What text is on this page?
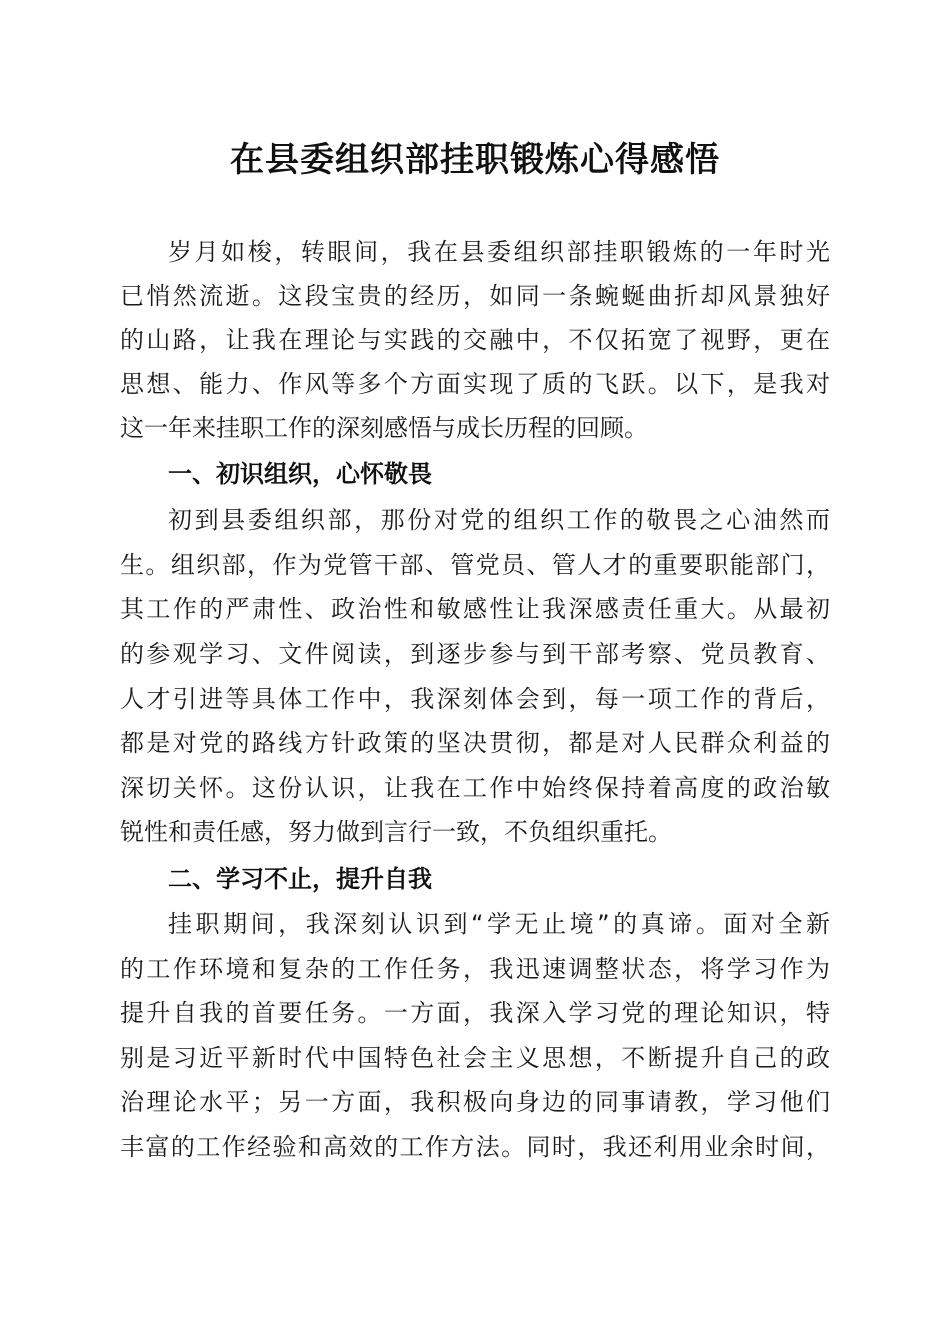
在县委组织部挂职锻炼心得感悟
岁月如梭，转眼间，我在县委组织部挂职锻炼的一年时光
已悄然流逝。这段宝贵的经历，如同一条蜿蜒曲折却风景独好
的山路，让我在理论与实践的交融中，不仅拓宽了视野，更在
思想、能力、作风等多个方面实现了质的飞跃。以下，是我对
这一年来挂职工作的深刻感悟与成长历程的回顾。
一、初识组织，心怀敬畏
初到县委组织部，那份对党的组织工作的敬畏之心油然而
生。组织部，作为党管干部、管党员、管人才的重要职能部门，
其工作的严肃性、政治性和敏感性让我深感责任重大。从最初
的参观学习、文件阅读，到逐步参与到干部考察、党员教育、
人才引进等具体工作中，我深刻体会到，每一项工作的背后，
都是对党的路线方针政策的坚决贯彻，都是对人民群众利益的
深切关怀。这份认识，让我在工作中始终保持着高度的政治敏
锐性和责任感，努力做到言行一致，不负组织重托。
二、学习不止，提升自我
挂职期间，我深刻认识到“学无止境”的真谛。面对全新
的工作环境和复杂的工作任务，我迅速调整状态，将学习作为
提升自我的首要任务。一方面，我深入学习党的理论知识，特
别是习近平新时代中国特色社会主义思想，不断提升自己的政
治理论水平；另一方面，我积极向身边的同事请教，学习他们
丰富的工作经验和高效的工作方法。同时，我还利用业余时间，
